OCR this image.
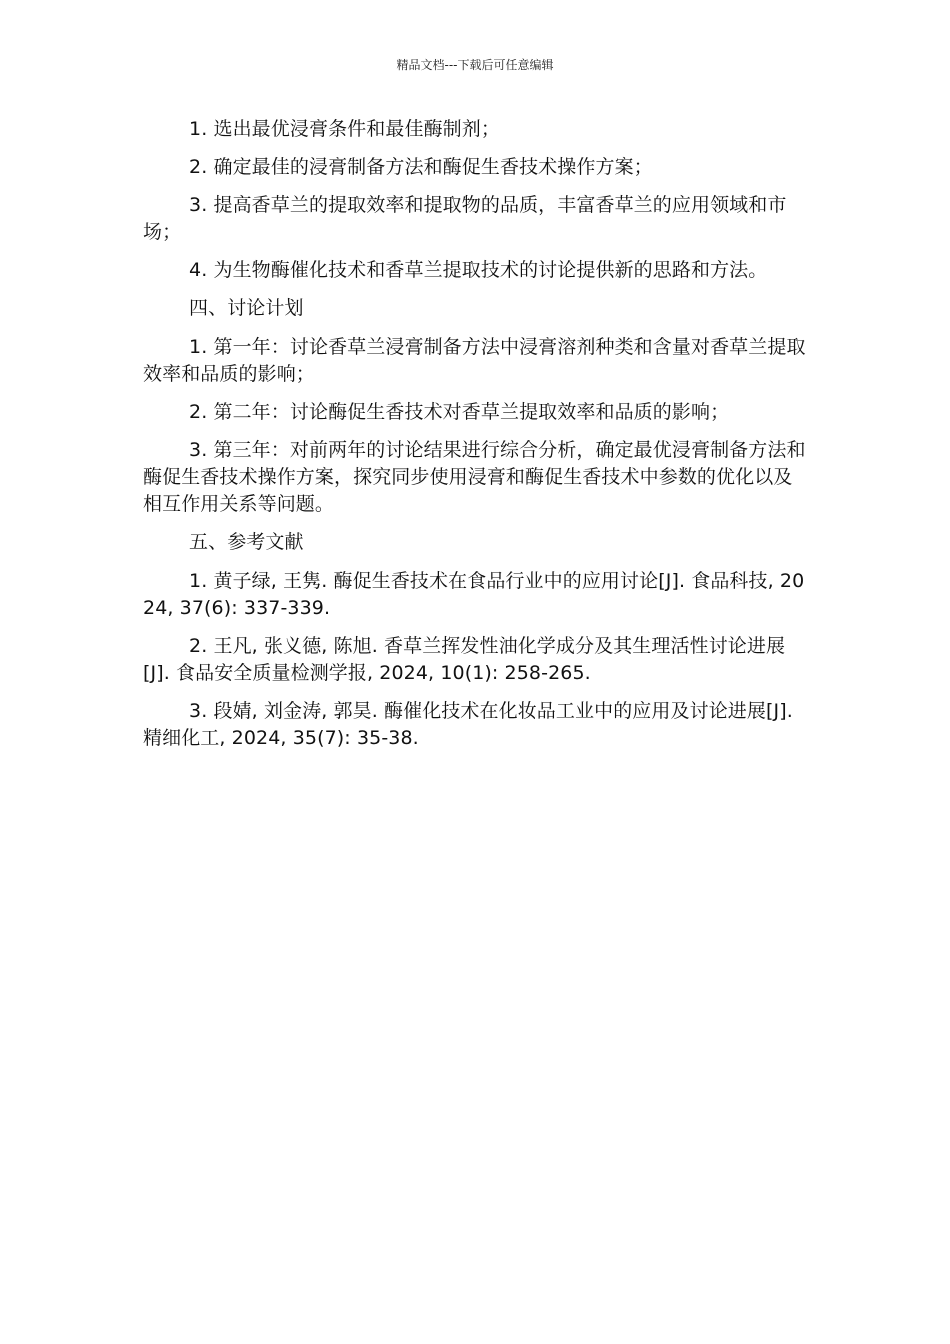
精品文档---下载后可任意编辑

1. 选出最优浸膏条件和最佳酶制剂；

2. 确定最佳的浸膏制备方法和酶促生香技术操作方案；

3. 提高香草兰的提取效率和提取物的品质，丰富香草兰的应用领域和市场；

4. 为生物酶催化技术和香草兰提取技术的讨论提供新的思路和方法。

四、讨论计划

1. 第一年：讨论香草兰浸膏制备方法中浸膏溶剂种类和含量对香草兰提取效率和品质的影响；

2. 第二年：讨论酶促生香技术对香草兰提取效率和品质的影响；

3. 第三年：对前两年的讨论结果进行综合分析，确定最优浸膏制备方法和酶促生香技术操作方案，探究同步使用浸膏和酶促生香技术中参数的优化以及相互作用关系等问题。

五、参考文献

1. 黄子绿, 王隽. 酶促生香技术在食品行业中的应用讨论[J]. 食品科技, 2024, 37(6): 337-339.

2. 王凡, 张义德, 陈旭. 香草兰挥发性油化学成分及其生理活性讨论进展[J]. 食品安全质量检测学报, 2024, 10(1): 258-265.

3. 段婧, 刘金涛, 郭昊. 酶催化技术在化妆品工业中的应用及讨论进展[J]. 精细化工, 2024, 35(7): 35-38.
